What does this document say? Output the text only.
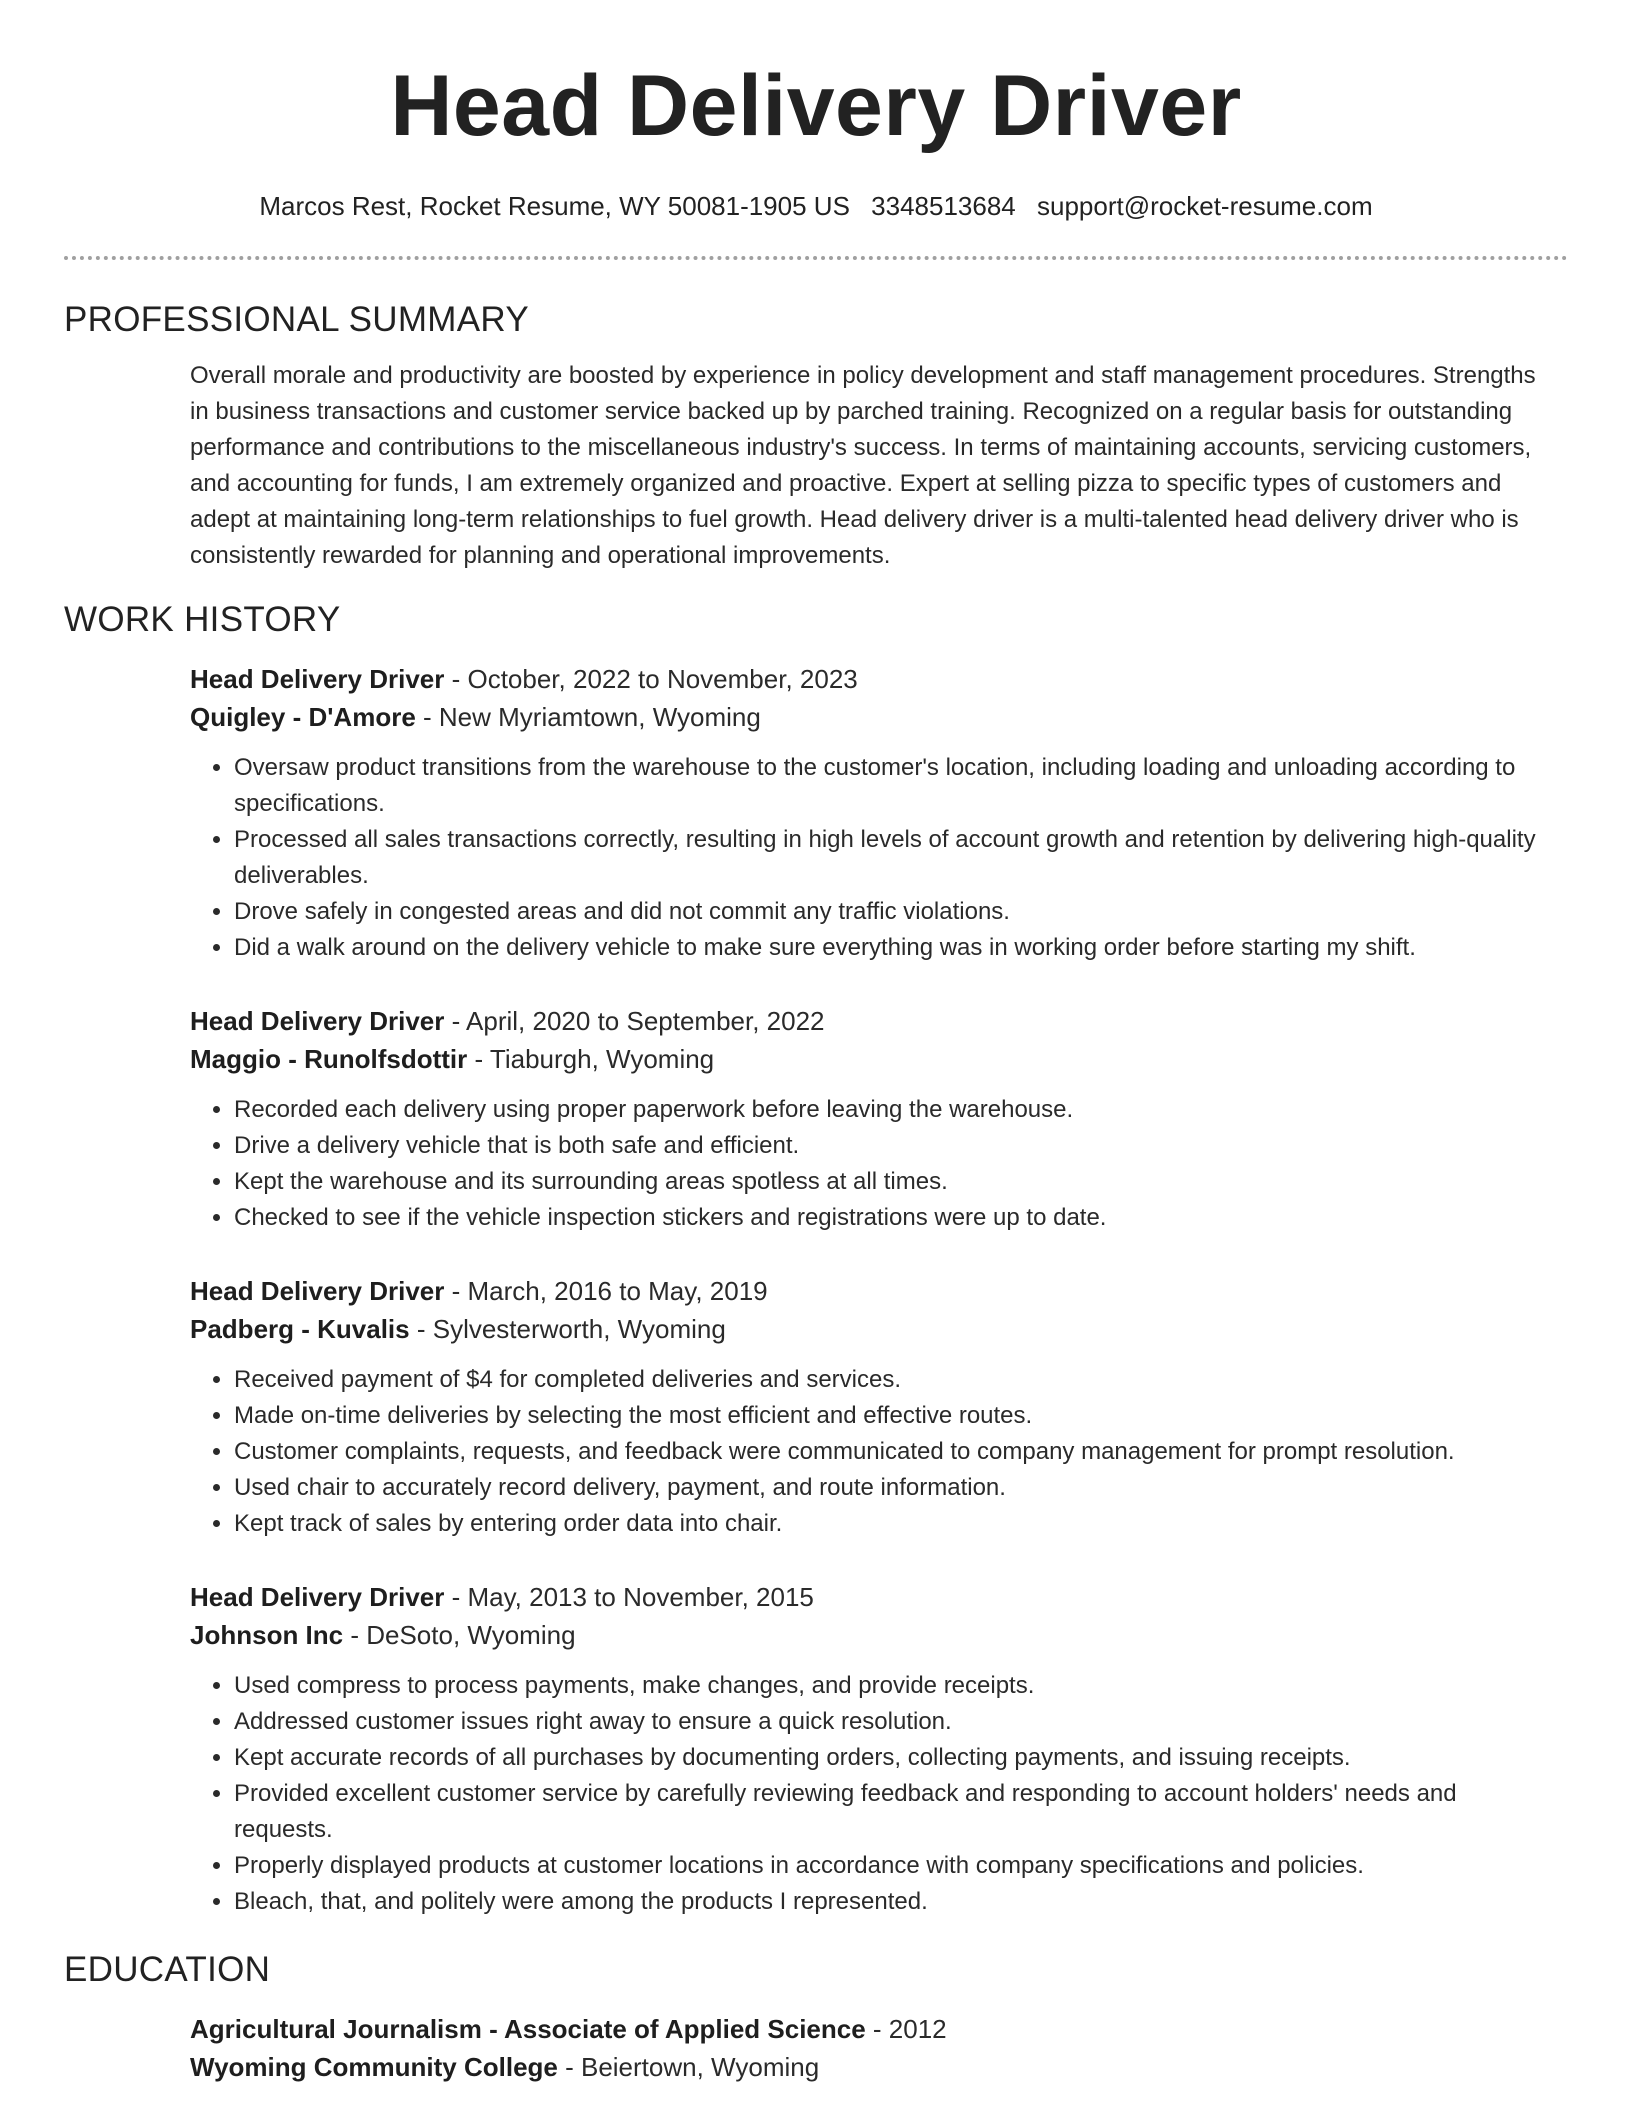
Head Delivery Driver
Marcos Rest, Rocket Resume, WY 50081-1905 US 3348513684 support@rocket-resume.com
PROFESSIONAL SUMMARY

Overall morale and productivity are boosted by experience in policy development and staff management procedures. Strengths in business transactions and customer service backed up by parched training. Recognized on a regular basis for outstanding performance and contributions to the miscellaneous industry's success. In terms of maintaining accounts, servicing customers, and accounting for funds, I am extremely organized and proactive. Expert at selling pizza to specific types of customers and adept at maintaining long-term relationships to fuel growth. Head delivery driver is a multi-talented head delivery driver who is consistently rewarded for planning and operational improvements.

WORK HISTORY
Head Delivery Driver - October, 2022 to November, 2023
Quigley - D'Amore - New Myriamtown, Wyoming
• Oversaw product transitions from the warehouse to the customer's location, including loading and unloading according to specifications.
• Processed all sales transactions correctly, resulting in high levels of account growth and retention by delivering high-quality deliverables.
• Drove safely in congested areas and did not commit any traffic violations.
• Did a walk around on the delivery vehicle to make sure everything was in working order before starting my shift.
Head Delivery Driver - April, 2020 to September, 2022
Maggio - Runolfsdottir - Tiaburgh, Wyoming
• Recorded each delivery using proper paperwork before leaving the warehouse.
• Drive a delivery vehicle that is both safe and efficient.
• Kept the warehouse and its surrounding areas spotless at all times.
• Checked to see if the vehicle inspection stickers and registrations were up to date.
Head Delivery Driver - March, 2016 to May, 2019
Padberg - Kuvalis - Sylvesterworth, Wyoming
• Received payment of $4 for completed deliveries and services.
• Made on-time deliveries by selecting the most efficient and effective routes.
• Customer complaints, requests, and feedback were communicated to company management for prompt resolution.
• Used chair to accurately record delivery, payment, and route information.
• Kept track of sales by entering order data into chair.
Head Delivery Driver - May, 2013 to November, 2015
Johnson Inc - DeSoto, Wyoming
• Used compress to process payments, make changes, and provide receipts.
• Addressed customer issues right away to ensure a quick resolution.
• Kept accurate records of all purchases by documenting orders, collecting payments, and issuing receipts.
• Provided excellent customer service by carefully reviewing feedback and responding to account holders' needs and requests.
• Properly displayed products at customer locations in accordance with company specifications and policies.
• Bleach, that, and politely were among the products I represented.
EDUCATION
Agricultural Journalism - Associate of Applied Science - 2012
Wyoming Community College - Beiertown, Wyoming
